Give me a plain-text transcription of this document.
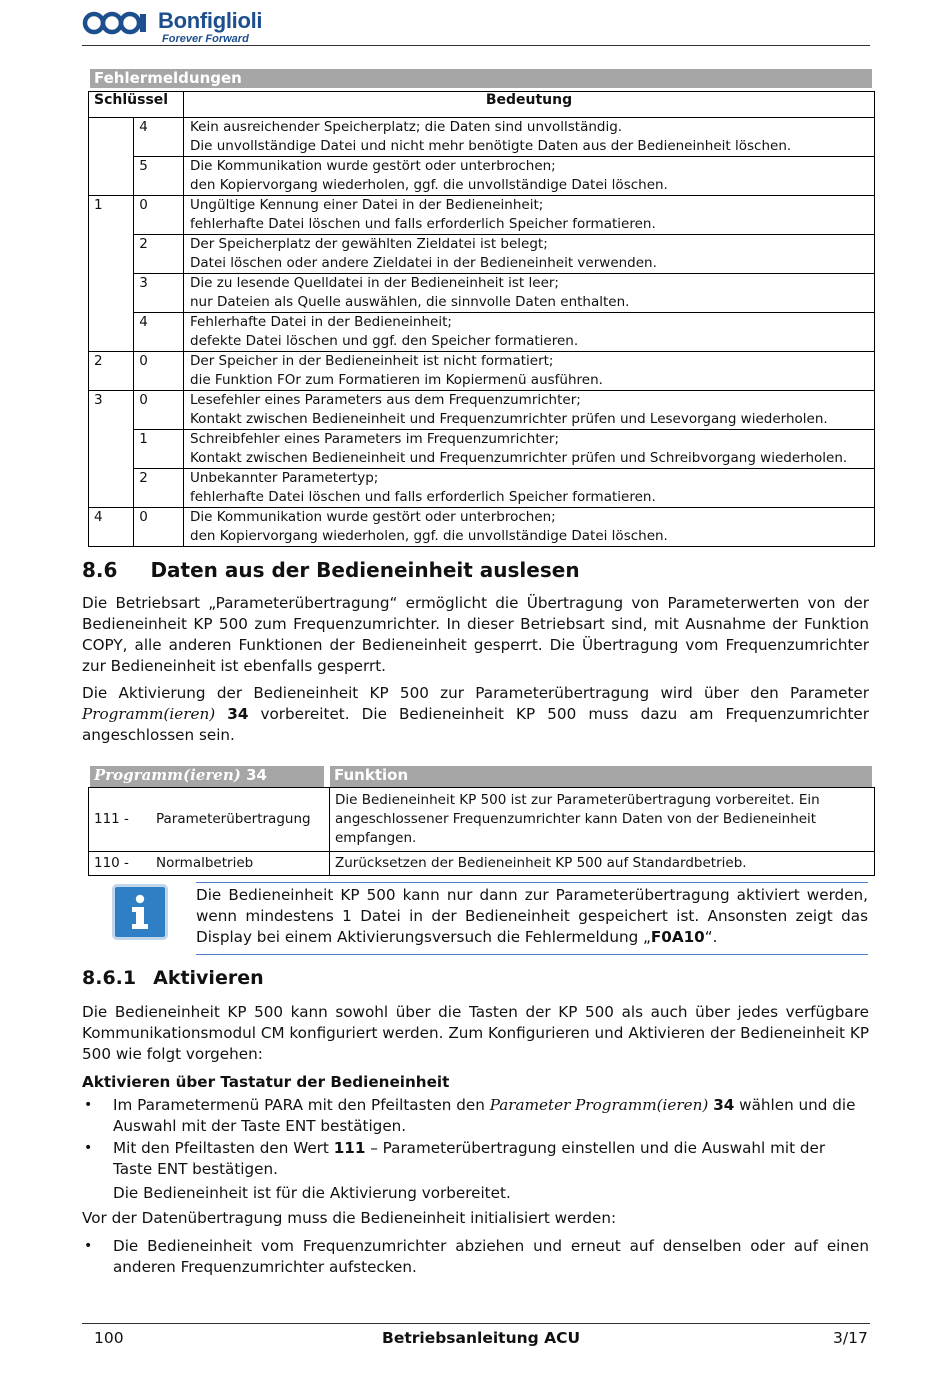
Bonfiglioli
Forever Forward
Fehlermeldungen
Schlüssel		Bedeutung
	4	Kein ausreichender Speicherplatz; die Daten sind unvollständig.
Die unvollständige Datei und nicht mehr benötigte Daten aus der Bedieneinheit löschen.

	5	Die Kommunikation wurde gestört oder unterbrochen;
den Kopiervorgang wiederholen, ggf. die unvollständige Datei löschen.

1	0	Ungültige Kennung einer Datei in der Bedieneinheit;
fehlerhafte Datei löschen und falls erforderlich Speicher formatieren.

	2	Der Speicherplatz der gewählten Zieldatei ist belegt;
Datei löschen oder andere Zieldatei in der Bedieneinheit verwenden.

	3	Die zu lesende Quelldatei in der Bedieneinheit ist leer;
nur Dateien als Quelle auswählen, die sinnvolle Daten enthalten.

	4	Fehlerhafte Datei in der Bedieneinheit;
defekte Datei löschen und ggf. den Speicher formatieren.

2	0	Der Speicher in der Bedieneinheit ist nicht formatiert;
die Funktion FOr zum Formatieren im Kopiermenü ausführen.

3	0	Lesefehler eines Parameters aus dem Frequenzumrichter;
Kontakt zwischen Bedieneinheit und Frequenzumrichter prüfen und Lesevorgang wiederholen.

	1	Schreibfehler eines Parameters im Frequenzumrichter;
Kontakt zwischen Bedieneinheit und Frequenzumrichter prüfen und Schreibvorgang wiederholen.

	2	Unbekannter Parametertyp;
fehlerhafte Datei löschen und falls erforderlich Speicher formatieren.

4	0	Die Kommunikation wurde gestört oder unterbrochen;
den Kopiervorgang wiederholen, ggf. die unvollständige Datei löschen.
8.6 Daten aus der Bedieneinheit auslesen
Die Betriebsart „Parameterübertragung“ ermöglicht die Übertragung von Parameterwerten von der Bedieneinheit KP 500 zum Frequenzumrichter. In dieser Betriebsart sind, mit Ausnahme der Funktion COPY, alle anderen Funktionen der Bedieneinheit gesperrt. Die Übertragung vom Frequenzumrichter zur Bedieneinheit ist ebenfalls gesperrt.
Die Aktivierung der Bedieneinheit KP 500 zur Parameterübertragung wird über den Parameter Programm(ieren) 34 vorbereitet. Die Bedieneinheit KP 500 muss dazu am Frequenzumrichter angeschlossen sein.
Programm(ieren) 34	Funktion
111 - Parameterübertragung	Die Bedieneinheit KP 500 ist zur Parameterübertragung vorbereitet. Ein angeschlossener Frequenzumrichter kann Daten von der Bedieneinheit empfangen.
110 - Normalbetrieb	Zurücksetzen der Bedieneinheit KP 500 auf Standardbetrieb.
Die Bedieneinheit KP 500 kann nur dann zur Parameterübertragung aktiviert werden, wenn mindestens 1 Datei in der Bedieneinheit gespeichert ist. Ansonsten zeigt das Display bei einem Aktivierungsversuch die Fehlermeldung „F0A10“.
8.6.1 Aktivieren
Die Bedieneinheit KP 500 kann sowohl über die Tasten der KP 500 als auch über jedes verfügbare Kommunikationsmodul CM konfiguriert werden. Zum Konfigurieren und Aktivieren der Bedieneinheit KP 500 wie folgt vorgehen:
Aktivieren über Tastatur der Bedieneinheit
• Im Parametermenü PARA mit den Pfeiltasten den Parameter Programm(ieren) 34 wählen und die Auswahl mit der Taste ENT bestätigen.
• Mit den Pfeiltasten den Wert 111 – Parameterübertragung einstellen und die Auswahl mit der Taste ENT bestätigen.
Die Bedieneinheit ist für die Aktivierung vorbereitet.
Vor der Datenübertragung muss die Bedieneinheit initialisiert werden:
• Die Bedieneinheit vom Frequenzumrichter abziehen und erneut auf denselben oder auf einen anderen Frequenzumrichter aufstecken.
100	Betriebsanleitung ACU	3/17
